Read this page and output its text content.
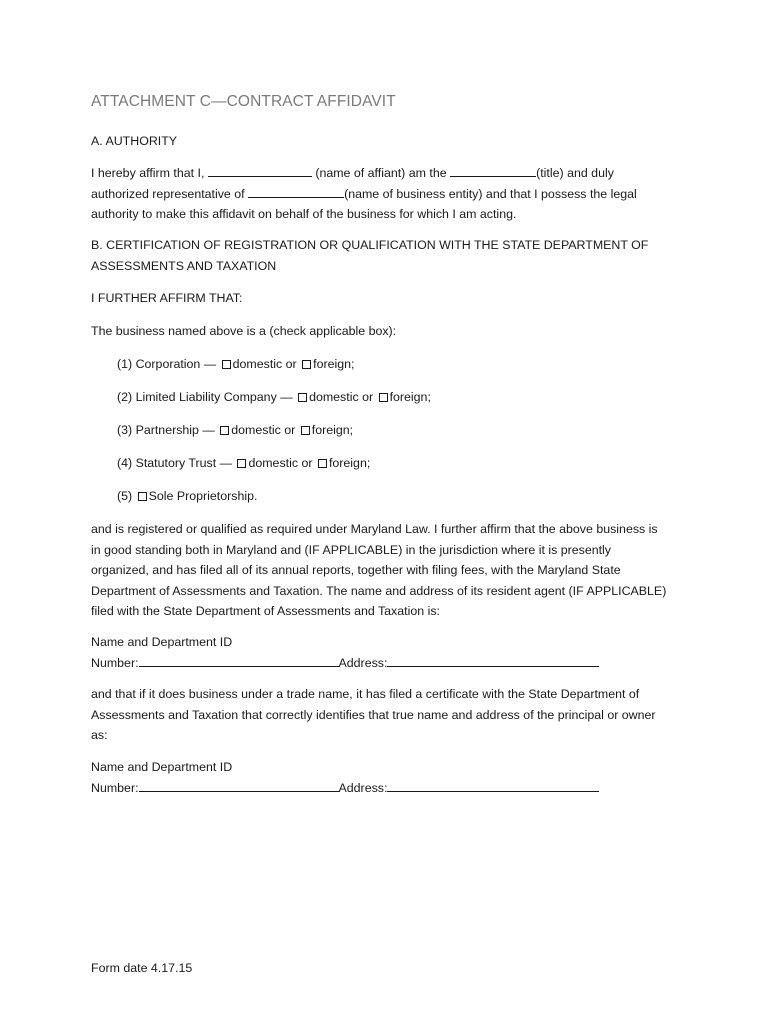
ATTACHMENT C—CONTRACT AFFIDAVIT
A. AUTHORITY
I hereby affirm that I,	(name of affiant) am the	(title) and duly
authorized representative of	(name of business entity) and that I possess the legal
authority to make this affidavit on behalf of the business for which I am acting.
B. CERTIFICATION OF REGISTRATION OR QUALIFICATION WITH THE STATE DEPARTMENT OF
ASSESSMENTS AND TAXATION
I FURTHER AFFIRM THAT:
The business named above is a (check applicable box):
(1) Corporation — domestic or foreign;
(2) Limited Liability Company — domestic or foreign;
(3) Partnership — domestic or foreign;
(4) Statutory Trust — domestic or foreign;
(5) Sole Proprietorship.
and is registered or qualified as required under Maryland Law. I further affirm that the above business is
in good standing both in Maryland and (IF APPLICABLE) in the jurisdiction where it is presently
organized, and has filed all of its annual reports, together with filing fees, with the Maryland State
Department of Assessments and Taxation. The name and address of its resident agent (IF APPLICABLE)
filed with the State Department of Assessments and Taxation is:
Name and Department ID
Number:	Address:
and that if it does business under a trade name, it has filed a certificate with the State Department of
Assessments and Taxation that correctly identifies that true name and address of the principal or owner
as:
Name and Department ID
Number:	Address:
Form date 4.17.15
